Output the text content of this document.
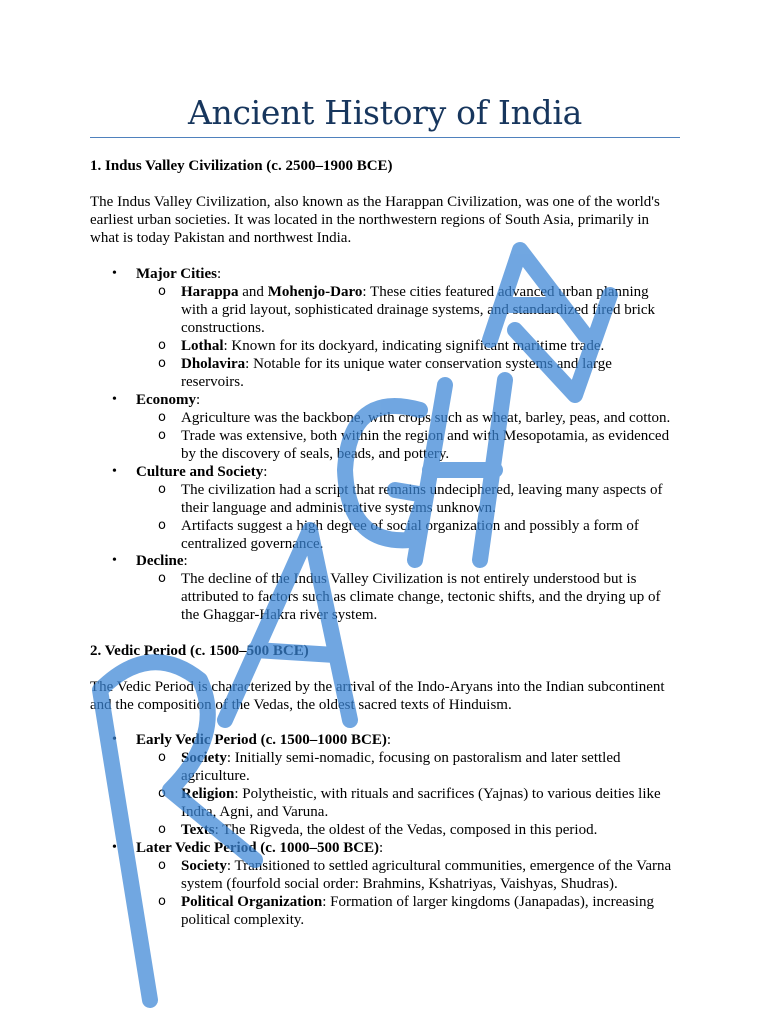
Ancient History of India
1. Indus Valley Civilization (c. 2500–1900 BCE)
The Indus Valley Civilization, also known as the Harappan Civilization, was one of the world's
earliest urban societies. It was located in the northwestern regions of South Asia, primarily in
what is today Pakistan and northwest India.
• Major Cities:
o Harappa and Mohenjo-Daro: These cities featured advanced urban planning
with a grid layout, sophisticated drainage systems, and standardized fired brick
constructions.
o Lothal: Known for its dockyard, indicating significant maritime trade.
o Dholavira: Notable for its unique water conservation systems and large
reservoirs.
• Economy:
o Agriculture was the backbone, with crops such as wheat, barley, peas, and cotton.
o Trade was extensive, both within the region and with Mesopotamia, as evidenced
by the discovery of seals, beads, and pottery.
• Culture and Society:
o The civilization had a script that remains undeciphered, leaving many aspects of
their language and administrative systems unknown.
o Artifacts suggest a high degree of social organization and possibly a form of
centralized governance.
• Decline:
o The decline of the Indus Valley Civilization is not entirely understood but is
attributed to factors such as climate change, tectonic shifts, and the drying up of
the Ghaggar-Hakra river system.
2. Vedic Period (c. 1500–500 BCE)
The Vedic Period is characterized by the arrival of the Indo-Aryans into the Indian subcontinent
and the composition of the Vedas, the oldest sacred texts of Hinduism.
• Early Vedic Period (c. 1500–1000 BCE):
o Society: Initially semi-nomadic, focusing on pastoralism and later settled
agriculture.
o Religion: Polytheistic, with rituals and sacrifices (Yajnas) to various deities like
Indra, Agni, and Varuna.
o Texts: The Rigveda, the oldest of the Vedas, composed in this period.
• Later Vedic Period (c. 1000–500 BCE):
o Society: Transitioned to settled agricultural communities, emergence of the Varna
system (fourfold social order: Brahmins, Kshatriyas, Vaishyas, Shudras).
o Political Organization: Formation of larger kingdoms (Janapadas), increasing
political complexity.
